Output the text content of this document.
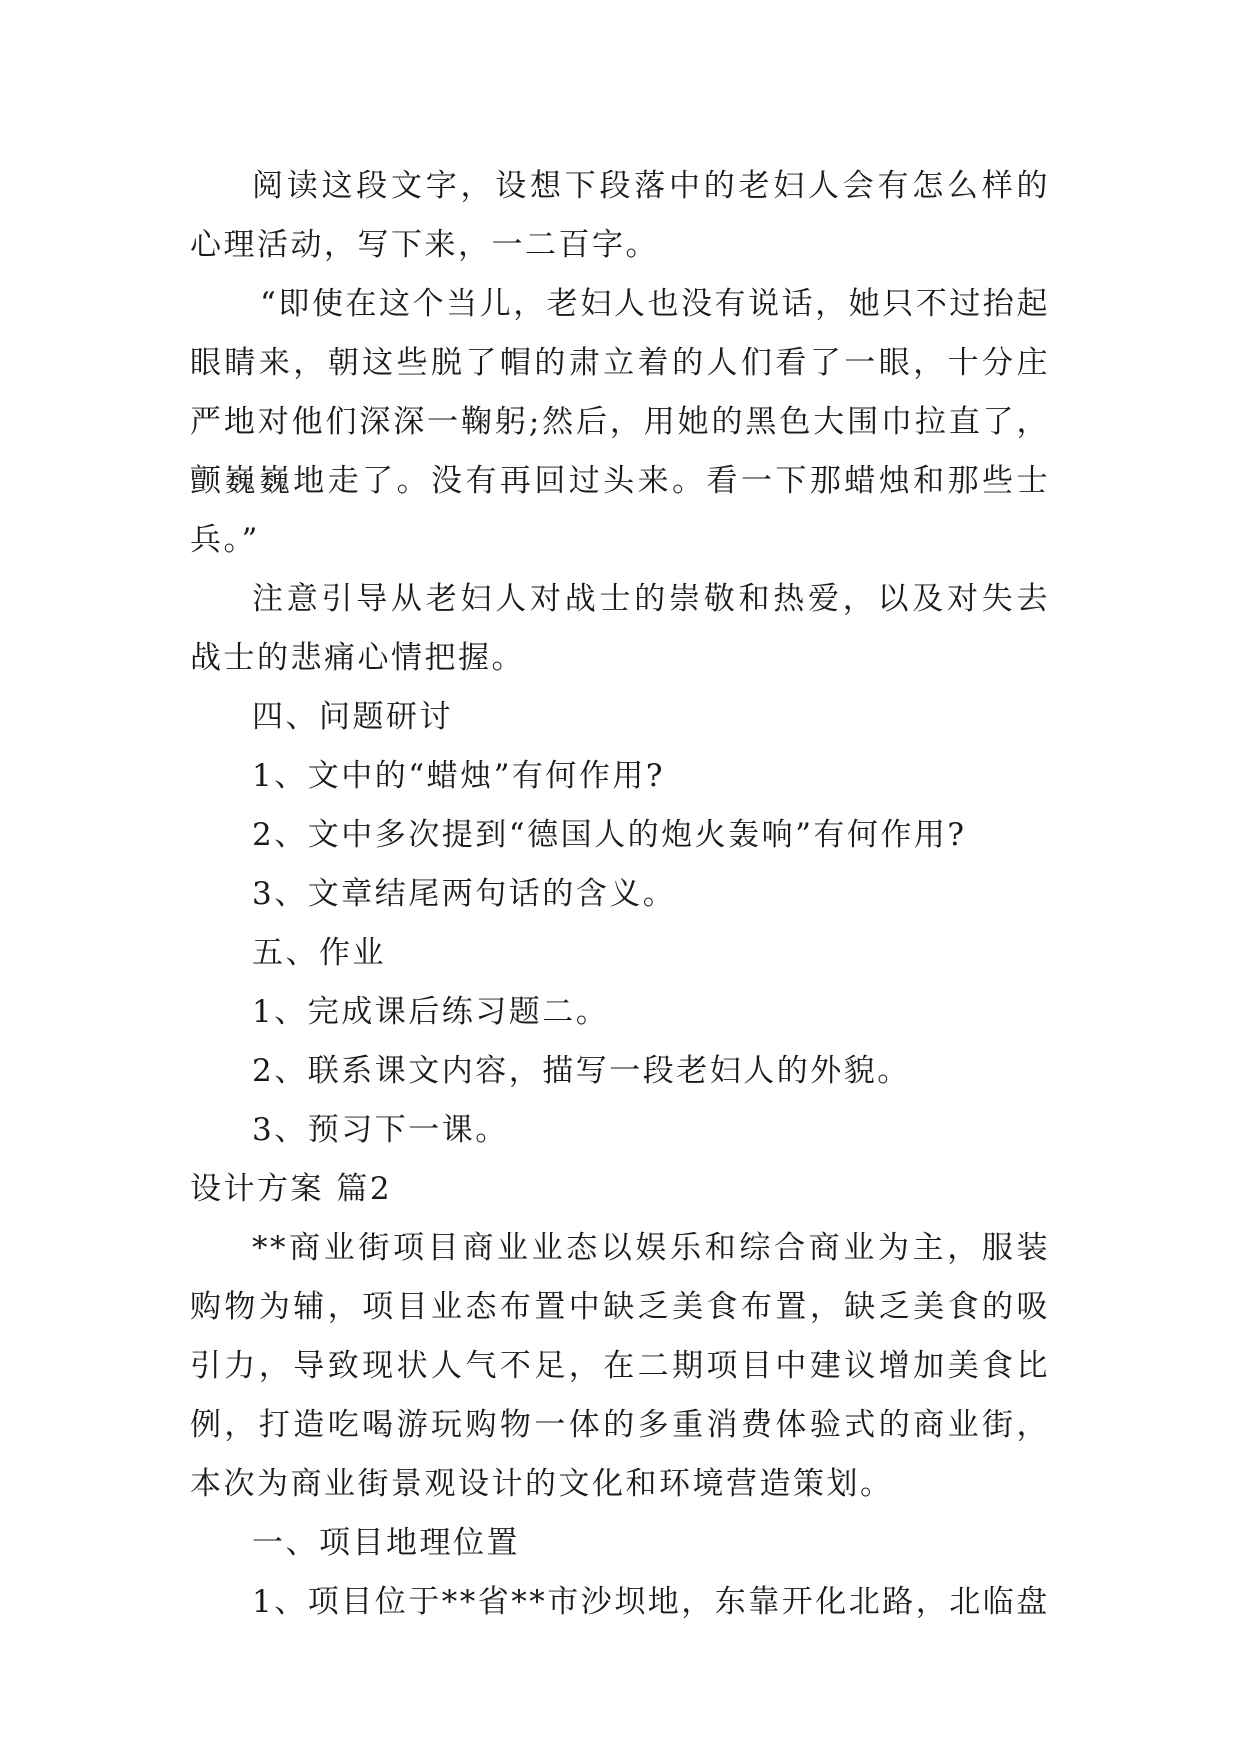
阅读这段文字，设想下段落中的老妇人会有怎么样的心理活动，写下来，一二百字。

“即使在这个当儿，老妇人也没有说话，她只不过抬起眼睛来，朝这些脱了帽的肃立着的人们看了一眼，十分庄严地对他们深深一鞠躬;然后，用她的黑色大围巾拉直了，颤巍巍地走了。没有再回过头来。看一下那蜡烛和那些士兵。”

注意引导从老妇人对战士的崇敬和热爱，以及对失去战士的悲痛心情把握。

四、问题研讨

1、文中的“蜡烛”有何作用?

2、文中多次提到“德国人的炮火轰响”有何作用?

3、文章结尾两句话的含义。

五、作业

1、完成课后练习题二。

2、联系课文内容，描写一段老妇人的外貌。

3、预习下一课。

设计方案 篇2

**商业街项目商业业态以娱乐和综合商业为主，服装购物为辅，项目业态布置中缺乏美食布置，缺乏美食的吸引力，导致现状人气不足，在二期项目中建议增加美食比例，打造吃喝游玩购物一体的多重消费体验式的商业街，本次为商业街景观设计的文化和环境营造策划。

一、项目地理位置

1、项目位于**省**市沙坝地，东靠开化北路，北临盘
